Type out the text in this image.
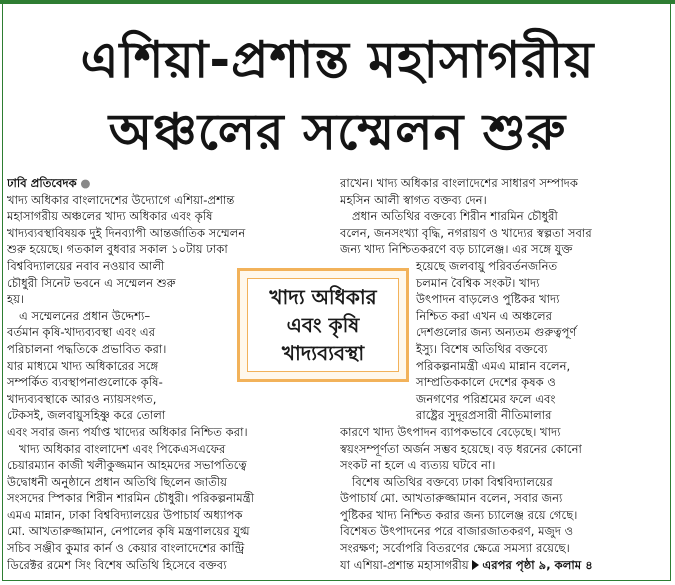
এশিয়া-প্রশান্ত মহাসাগরীয়
অঞ্চলের সম্মেলন শুরু
ঢাবি প্রতিবেদক ●
খাদ্য অধিকার বাংলাদেশের উদ্যোগে এশিয়া-প্রশান্ত
মহাসাগরীয় অঞ্চলের খাদ্য অধিকার এবং কৃষি
খাদ্যব্যবস্থাবিষয়ক দুই দিনব্যাপী আন্তর্জাতিক সম্মেলন
শুরু হয়েছে। গতকাল বুধবার সকাল ১০টায় ঢাকা
বিশ্ববিদ্যালয়ের নবাব নওয়াব আলী
চৌধুরী সিনেট ভবনে এ সম্মেলন শুরু
হয়।
এ সম্মেলনের প্রধান উদ্দেশ্য–
বর্তমান কৃষি-খাদ্যব্যবস্থা এবং এর
পরিচালনা পদ্ধতিকে প্রভাবিত করা।
যার মাধ্যমে খাদ্য অধিকারের সঙ্গে
সম্পর্কিত ব্যবস্থাপনাগুলোকে কৃষি-
খাদ্যব্যবস্থাকে আরও ন্যায়সংগত,
টেকসই, জলবায়ুসহিষ্ণু করে তোলা
এবং সবার জন্য পর্যাপ্ত খাদ্যের অধিকার নিশ্চিত করা।
খাদ্য অধিকার বাংলাদেশ এবং পিকেএসএফের
চেয়ারম্যান কাজী খলীকুজ্জমান আহমদের সভাপতিত্বে
উদ্বোধনী অনুষ্ঠানে প্রধান অতিথি ছিলেন জাতীয়
সংসদের স্পিকার শিরীন শারমিন চৌধুরী। পরিকল্পনামন্ত্রী
এমএ মান্নান, ঢাকা বিশ্ববিদ্যালয়ের উপাচার্য অধ্যাপক
মো. আখতারুজ্জামান, নেপালের কৃষি মন্ত্রণালয়ের যুগ্ম
সচিব সঞ্জীব কুমার কার্ন ও কেয়ার বাংলাদেশের কান্ট্রি
ডিরেক্টর রমেশ সিং বিশেষ অতিথি হিসেবে বক্তব্য
রাখেন। খাদ্য অধিকার বাংলাদেশের সাধারণ সম্পাদক
মহসিন আলী স্বাগত বক্তব্য দেন।
প্রধান অতিথির বক্তব্যে শিরীন শারমিন চৌধুরী
বলেন, জনসংখ্যা বৃদ্ধি, নগরায়ণ ও খাদ্যের স্বল্পতা সবার
জন্য খাদ্য নিশ্চিতকরণে বড় চ্যালেঞ্জ। এর সঙ্গে যুক্ত
হয়েছে জলবায়ু পরিবর্তনজনিত
চলমান বৈশ্বিক সংকট। খাদ্য
উৎপাদন বাড়লেও পুষ্টিকর খাদ্য
নিশ্চিত করা এখন এ অঞ্চলের
দেশগুলোর জন্য অন্যতম গুরুত্বপূর্ণ
ইস্যু। বিশেষ অতিথির বক্তব্যে
পরিকল্পনামন্ত্রী এমএ মান্নান বলেন,
সাম্প্রতিককালে দেশের কৃষক ও
জনগণের পরিশ্রমের ফলে এবং
রাষ্ট্রের সুদূরপ্রসারী নীতিমালার
কারণে খাদ্য উৎপাদন ব্যাপকভাবে বেড়েছে। খাদ্য
স্বয়ংসম্পূর্ণতা অর্জন সম্ভব হয়েছে। বড় ধরনের কোনো
সংকট না হলে এ ব্যত্যয় ঘটবে না।
বিশেষ অতিথির বক্তব্যে ঢাকা বিশ্ববিদ্যালয়ের
উপাচার্য মো. আখতারুজ্জামান বলেন, সবার জন্য
পুষ্টিকর খাদ্য নিশ্চিত করার জন্য চ্যালেঞ্জ রয়ে গেছে।
বিশেষত উৎপাদনের পরে বাজারজাতকরণ, মজুদ ও
সংরক্ষণ; সর্বোপরি বিতরণের ক্ষেত্রে সমস্যা রয়েছে।
যা এশিয়া-প্রশান্ত মহাসাগরীয় এরপর পৃষ্ঠা ৯, কলাম ৪
খাদ্য অধিকার
এবং কৃষি
খাদ্যব্যবস্থা
